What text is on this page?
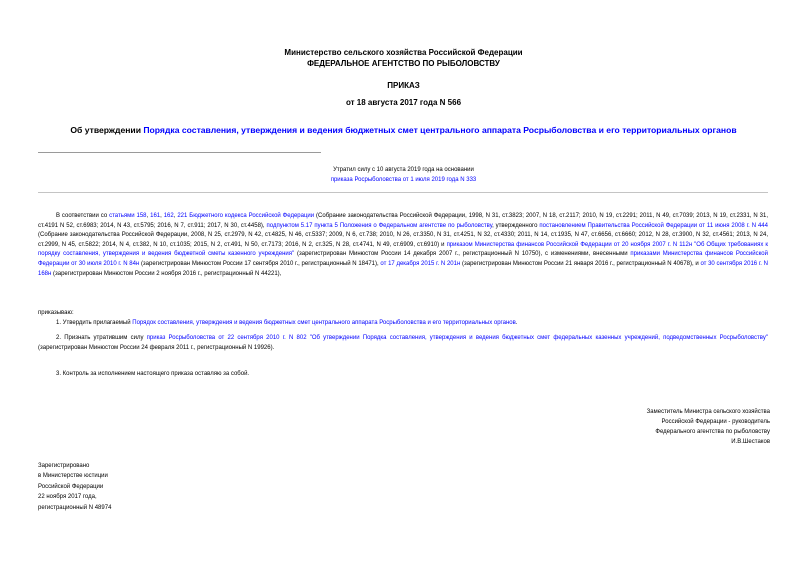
Министерство сельского хозяйства Российской Федерации
ФЕДЕРАЛЬНОЕ АГЕНТСТВО ПО РЫБОЛОВСТВУ
ПРИКАЗ
от 18 августа 2017 года N 566
Об утверждении Порядка составления, утверждения и ведения бюджетных смет центрального аппарата Росрыболовства и его территориальных органов
Утратил силу с 10 августа 2019 года на основании
приказа Росрыболовства от 1 июля 2019 года N 333
В соответствии со статьями 158, 161, 162, 221 Бюджетного кодекса Российской Федерации (Собрание законодательства Российской Федерации, 1998, N 31, ст.3823; 2007, N 18, ст.2117; 2010, N 19, ст.2291; 2011, N 49, ст.7039; 2013, N 19, ст.2331, N 31, ст.4191 N 52, ст.6983; 2014, N 43, ст.5795; 2016, N 7, ст.911; 2017, N 30, ст.4458), подпунктом 5.17 пункта 5 Положения о Федеральном агентстве по рыболовству, утвержденного постановлением Правительства Российской Федерации от 11 июня 2008 г. N 444 (Собрание законодательства Российской Федерации, 2008, N 25, ст.2979, N 42, ст.4825, N 46, ст.5337; 2009, N 6, ст.738; 2010, N 26, ст.3350, N 31, ст.4251, N 32, ст.4330; 2011, N 14, ст.1935, N 47, ст.6656, ст.6660; 2012, N 28, ст.3900, N 32, ст.4561; 2013, N 24, ст.2999, N 45, ст.5822; 2014, N 4, ст.382, N 10, ст.1035; 2015, N 2, ст.491, N 50, ст.7173; 2016, N 2, ст.325, N 28, ст.4741, N 49, ст.6909, ст.6910) и приказом Министерства финансов Российской Федерации от 20 ноября 2007 г. N 112н "Об Общих требованиях к порядку составления, утверждения и ведения бюджетной сметы казенного учреждения" (зарегистрирован Минюстом России 14 декабря 2007 г., регистрационный N 10750), с изменениями, внесенными приказами Министерства финансов Российской Федерации от 30 июля 2010 г. N 84н (зарегистрирован Минюстом России 17 сентября 2010 г., регистрационный N 18471), от 17 декабря 2015 г. N 201н (зарегистрирован Минюстом России 21 января 2016 г., регистрационный N 40678), и от 30 сентября 2016 г. N 168н (зарегистрирован Минюстом России 2 ноября 2016 г., регистрационный N 44221),
приказываю:
1. Утвердить прилагаемый Порядок составления, утверждения и ведения бюджетных смет центрального аппарата Росрыболовства и его территориальных органов.
2. Признать утратившим силу приказ Росрыболовства от 22 сентября 2010 г. N 802 "Об утверждении Порядка составления, утверждения и ведения бюджетных смет федеральных казенных учреждений, подведомственных Росрыболовству" (зарегистрирован Минюстом России 24 февраля 2011 г., регистрационный N 19926).
3. Контроль за исполнением настоящего приказа оставляю за собой.
Заместитель Министра сельского хозяйства
Российской Федерации - руководитель
Федерального агентства по рыболовству
И.В.Шестаков
Зарегистрировано
в Министерстве юстиции
Российской Федерации
22 ноября 2017 года,
регистрационный N 48974
